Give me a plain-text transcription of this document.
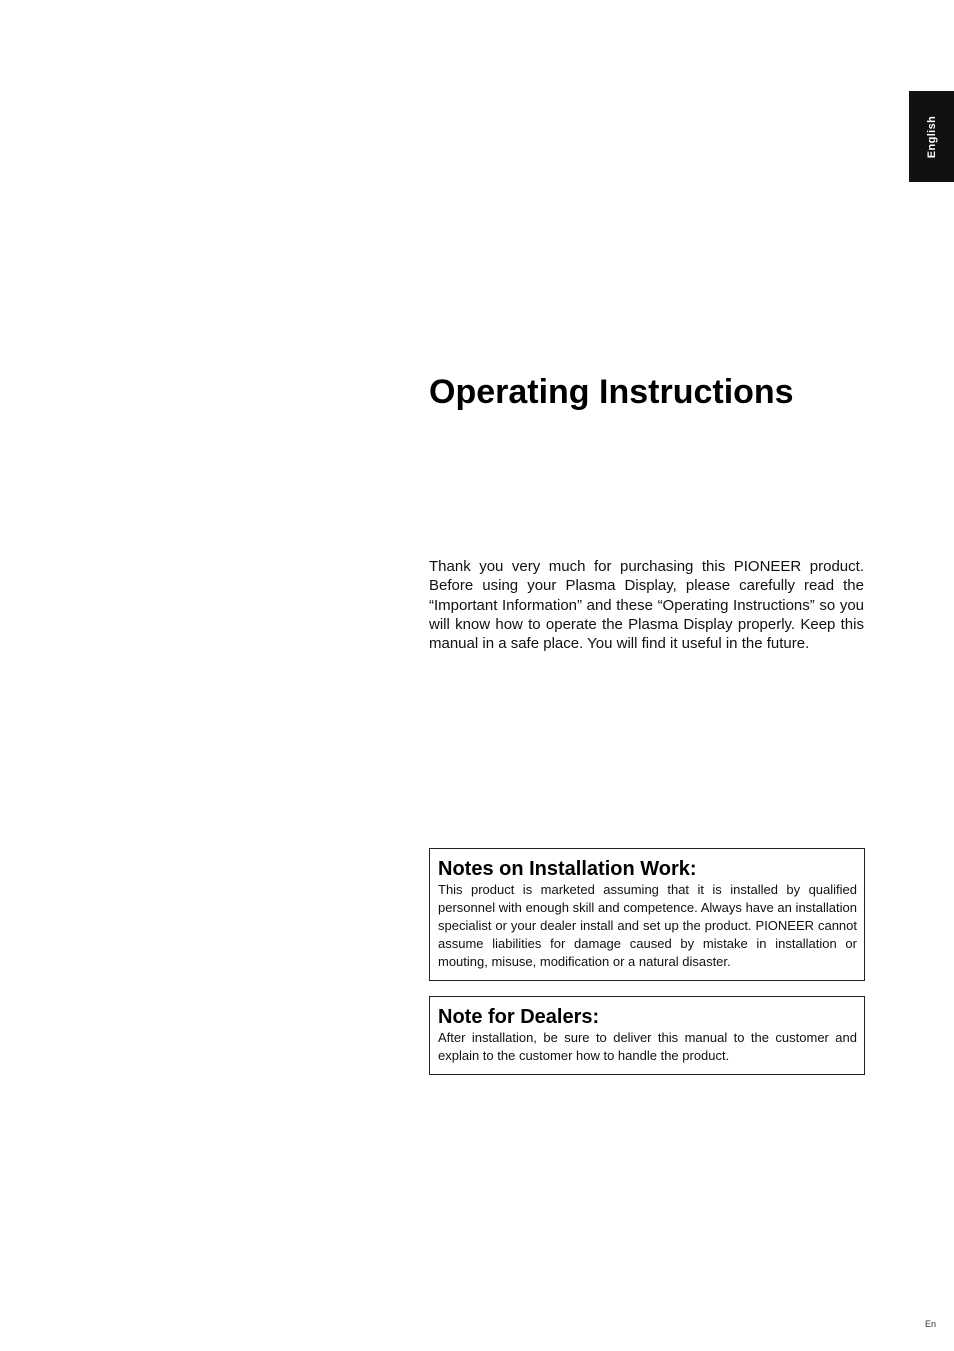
English
Operating Instructions

Thank you very much for purchasing this PIONEER product. Before using your Plasma Display, please carefully read the “Important Information” and these “Operating Instructions” so you will know how to operate the Plasma Display properly. Keep this manual in a safe place. You will find it useful in the future.

Notes on Installation Work:

This product is marketed assuming that it is installed by qualified personnel with enough skill and competence. Always have an installation specialist or your dealer install and set up the product. PIONEER cannot assume liabilities for damage caused by mistake in installation or mouting, misuse, modification or a natural disaster.

Note for Dealers:

After installation, be sure to deliver this manual to the customer and explain to the customer how to handle the product.

En
